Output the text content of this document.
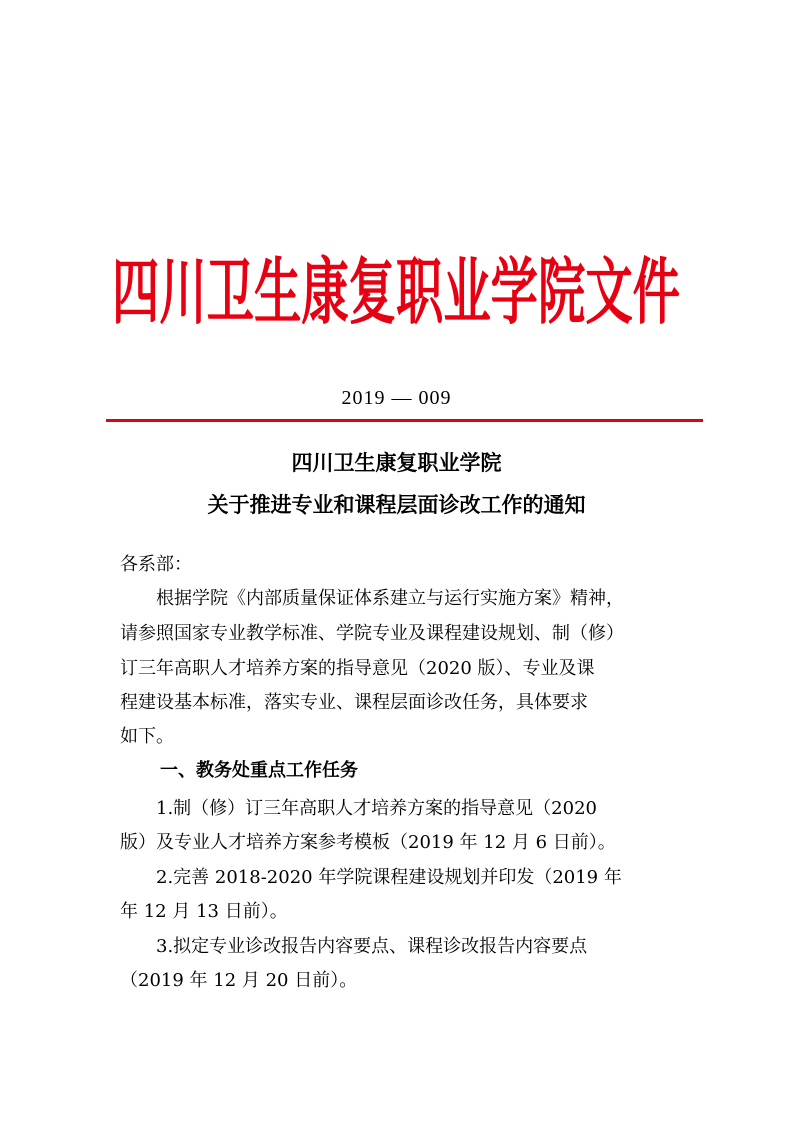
四川卫生康复职业学院文件
2019 — 009
四川卫生康复职业学院
关于推进专业和课程层面诊改工作的通知
各系部：
　　根据学院《内部质量保证体系建立与运行实施方案》精神，
请参照国家专业教学标准、学院专业及课程建设规划、制（修）
订三年高职人才培养方案的指导意见（2020 版）、专业及课
程建设基本标准，落实专业、课程层面诊改任务，具体要求
如下。
一、教务处重点工作任务
　　1.制（修）订三年高职人才培养方案的指导意见（2020
版）及专业人才培养方案参考模板（2019 年 12 月 6 日前）。
　　2.完善 2018-2020 年学院课程建设规划并印发（2019 年
年 12 月 13 日前）。
　　3.拟定专业诊改报告内容要点、课程诊改报告内容要点
（2019 年 12 月 20 日前）。
